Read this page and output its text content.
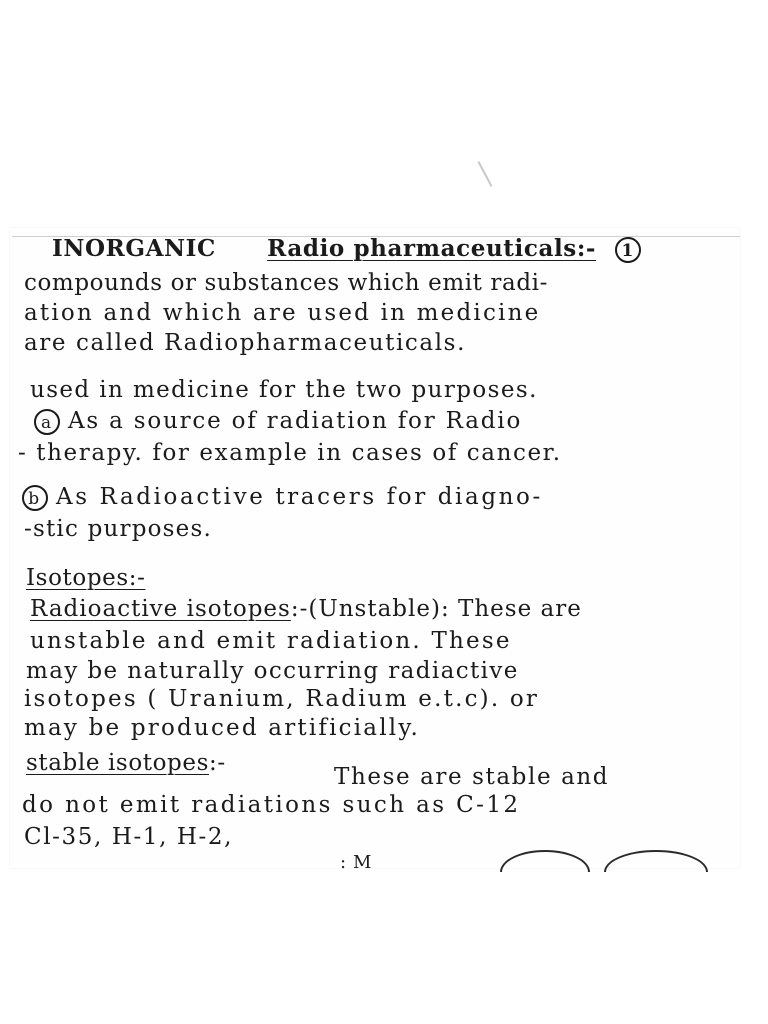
INORGANIC Radio pharmaceuticals:- 1
compounds or substances which emit radi-
ation and which are used in medicine
are called Radiopharmaceuticals.
used in medicine for the two purposes.
a As a source of radiation for Radio
- therapy. for example in cases of cancer.
b As Radioactive tracers for diagno-
-stic purposes.
Isotopes:-
Radioactive isotopes:-(Unstable): These are
unstable and emit radiation. These
may be naturally occurring radiactive
isotopes ( Uranium, Radium e.t.c). or
may be produced artificially.
stable isotopes:-
These are stable and
do not emit radiations such as C-12
Cl-35, H-1, H-2,
: M
